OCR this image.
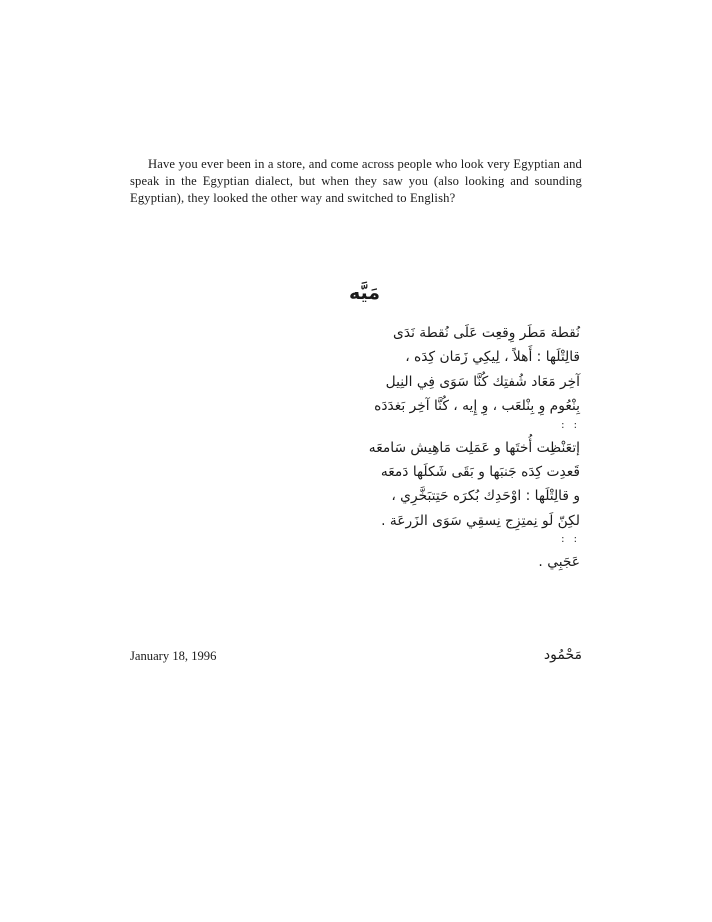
Have you ever been in a store, and come across people who look very Egyptian and speak in the Egyptian dialect, but when they saw you (also looking and sounding Egyptian), they looked the other way and switched to English?

مَيَّه
نُقطة مَطَر وِقعِت عَلَى نُقطة نَدَى
قالِتْلَها : أَهلاً ، لِيكِي زَمَان كِدَه ،
آخِر مَعَاد شُفتِك كُنَّا سَوَى فِي النِيل
بِنْعُوم وِ بِنْلعَب ، وِ إِيه ، كُنَّا آخِر بَغدَدَه
: :
إتعَنْظِت أُختَها و عَمَلِت مَاهِيش سَامعَه
قَعدِت كِدَه جَنبَها و بَقَى شَكلَها دَمعَه
و قالِتْلَها : اوْحَدِك بُكرَه حَتِتبَخَّرِي ،
لكِنّ لَو نِمتِزِج نِسقِي سَوَى الزَرعَة .
: :
عَجَبِي .

January 18, 1996	مَحْمُود
